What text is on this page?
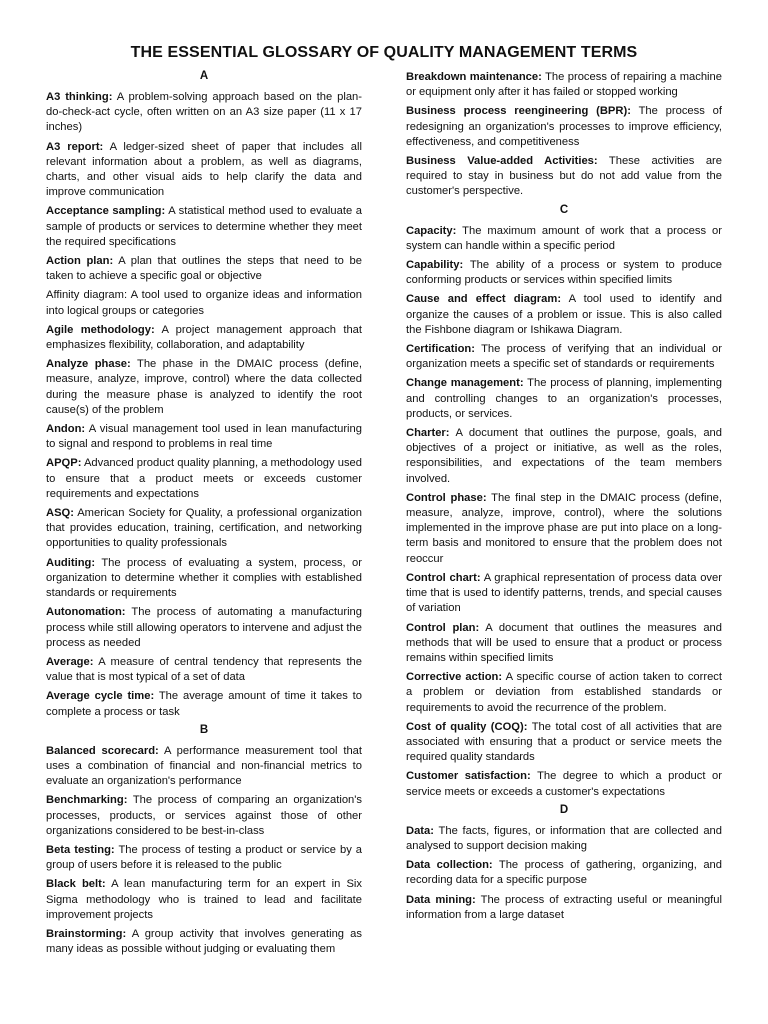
THE ESSENTIAL GLOSSARY OF QUALITY MANAGEMENT TERMS
A
A3 thinking: A problem-solving approach based on the plan-do-check-act cycle, often written on an A3 size paper (11 x 17 inches)
A3 report: A ledger-sized sheet of paper that includes all relevant information about a problem, as well as diagrams, charts, and other visual aids to help clarify the data and improve communication
Acceptance sampling: A statistical method used to evaluate a sample of products or services to determine whether they meet the required specifications
Action plan: A plan that outlines the steps that need to be taken to achieve a specific goal or objective
Affinity diagram: A tool used to organize ideas and information into logical groups or categories
Agile methodology: A project management approach that emphasizes flexibility, collaboration, and adaptability
Analyze phase: The phase in the DMAIC process (define, measure, analyze, improve, control) where the data collected during the measure phase is analyzed to identify the root cause(s) of the problem
Andon: A visual management tool used in lean manufacturing to signal and respond to problems in real time
APQP: Advanced product quality planning, a methodology used to ensure that a product meets or exceeds customer requirements and expectations
ASQ: American Society for Quality, a professional organization that provides education, training, certification, and networking opportunities to quality professionals
Auditing: The process of evaluating a system, process, or organization to determine whether it complies with established standards or requirements
Autonomation: The process of automating a manufacturing process while still allowing operators to intervene and adjust the process as needed
Average: A measure of central tendency that represents the value that is most typical of a set of data
Average cycle time: The average amount of time it takes to complete a process or task
B
Balanced scorecard: A performance measurement tool that uses a combination of financial and non-financial metrics to evaluate an organization's performance
Benchmarking: The process of comparing an organization's processes, products, or services against those of other organizations considered to be best-in-class
Beta testing: The process of testing a product or service by a group of users before it is released to the public
Black belt: A lean manufacturing term for an expert in Six Sigma methodology who is trained to lead and facilitate improvement projects
Brainstorming: A group activity that involves generating as many ideas as possible without judging or evaluating them
Breakdown maintenance: The process of repairing a machine or equipment only after it has failed or stopped working
Business process reengineering (BPR): The process of redesigning an organization's processes to improve efficiency, effectiveness, and competitiveness
Business Value-added Activities: These activities are required to stay in business but do not add value from the customer's perspective.
C
Capacity: The maximum amount of work that a process or system can handle within a specific period
Capability: The ability of a process or system to produce conforming products or services within specified limits
Cause and effect diagram: A tool used to identify and organize the causes of a problem or issue. This is also called the Fishbone diagram or Ishikawa Diagram.
Certification: The process of verifying that an individual or organization meets a specific set of standards or requirements
Change management: The process of planning, implementing and controlling changes to an organization's processes, products, or services.
Charter: A document that outlines the purpose, goals, and objectives of a project or initiative, as well as the roles, responsibilities, and expectations of the team members involved.
Control phase: The final step in the DMAIC process (define, measure, analyze, improve, control), where the solutions implemented in the improve phase are put into place on a long-term basis and monitored to ensure that the problem does not reoccur
Control chart: A graphical representation of process data over time that is used to identify patterns, trends, and special causes of variation
Control plan: A document that outlines the measures and methods that will be used to ensure that a product or process remains within specified limits
Corrective action: A specific course of action taken to correct a problem or deviation from established standards or requirements to avoid the recurrence of the problem.
Cost of quality (COQ): The total cost of all activities that are associated with ensuring that a product or service meets the required quality standards
Customer satisfaction: The degree to which a product or service meets or exceeds a customer's expectations
D
Data: The facts, figures, or information that are collected and analysed to support decision making
Data collection: The process of gathering, organizing, and recording data for a specific purpose
Data mining: The process of extracting useful or meaningful information from a large dataset
